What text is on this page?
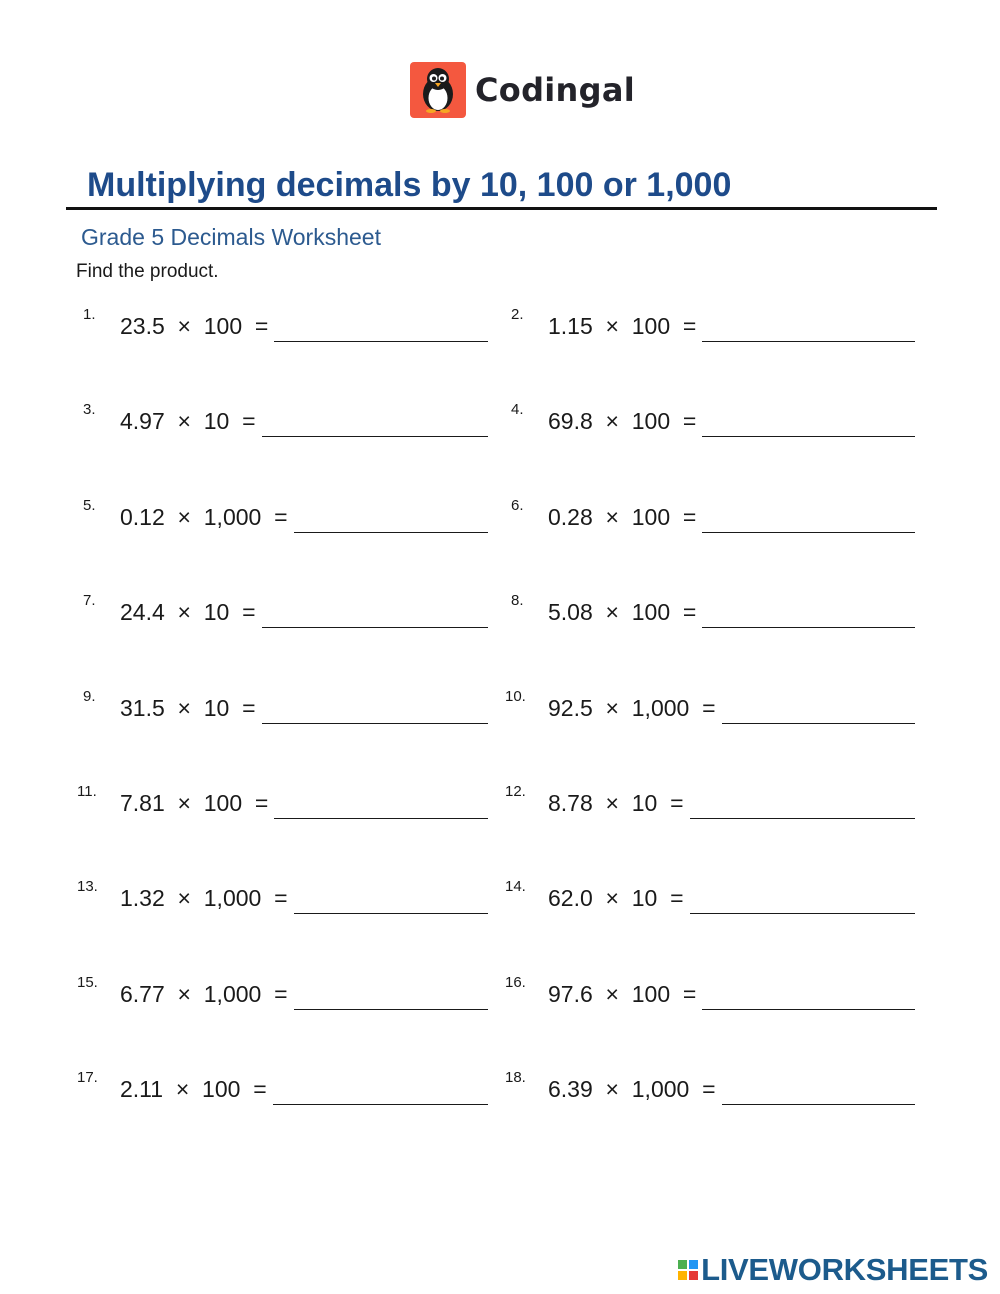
Codingal
Multiplying decimals by 10, 100 or 1,000
Grade 5 Decimals Worksheet
Find the product.
1. 23.5  ×  100  =	2. 1.15  ×  100  =
3. 4.97  ×  10  =	4. 69.8  ×  100  =
5. 0.12  ×  1,000  =	6. 0.28  ×  100  =
7. 24.4  ×  10  =	8. 5.08  ×  100  =
9. 31.5  ×  10  =	10. 92.5  ×  1,000  =
11. 7.81  ×  100  =	12. 8.78  ×  10  =
13. 1.32  ×  1,000  =	14. 62.0  ×  10  =
15. 6.77  ×  1,000  =	16. 97.6  ×  100  =
17. 2.11  ×  100  =	18. 6.39  ×  1,000  =
LIVEWORKSHEETS
